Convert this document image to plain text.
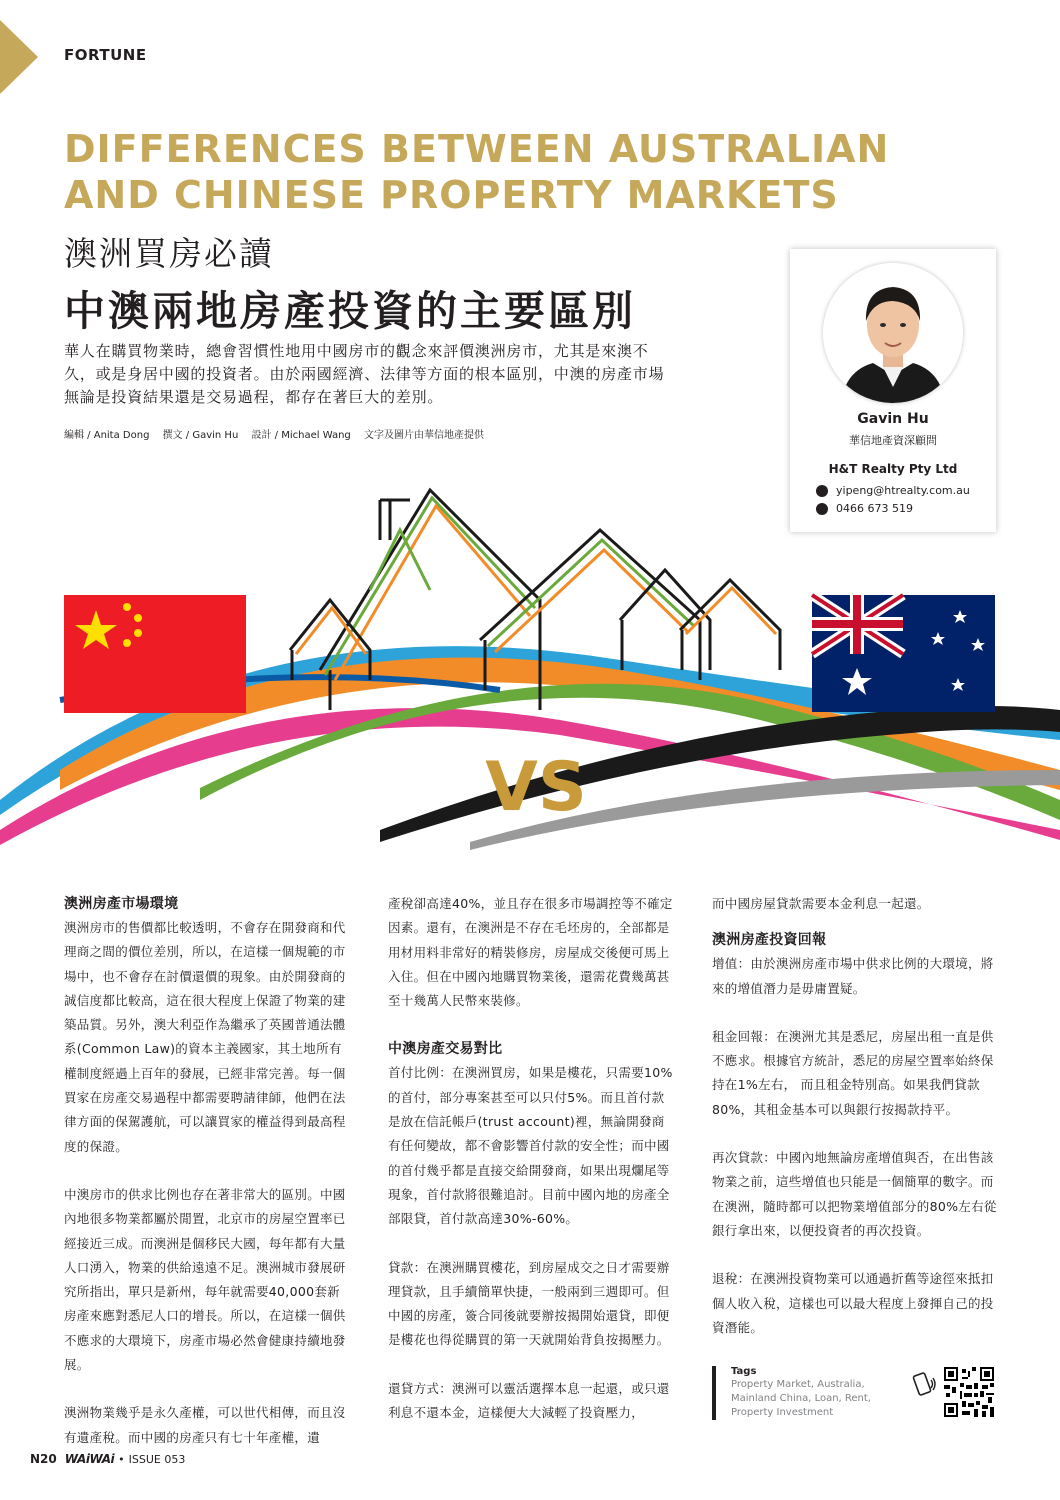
FORTUNE
DIFFERENCES BETWEEN AUSTRALIAN
AND CHINESE PROPERTY MARKETS
澳洲買房必讀
中澳兩地房產投資的主要區別
華人在購買物業時，總會習慣性地用中國房市的觀念來評價澳洲房市，尤其是來澳不久，或是身居中國的投資者。由於兩國經濟、法律等方面的根本區別，中澳的房產市場無論是投資結果還是交易過程，都存在著巨大的差別。
編輯 / Anita Dong 撰文 / Gavin Hu 設計 / Michael Wang 文字及圖片由華信地產提供
Gavin Hu
華信地產資深顧問
H&T Realty Pty Ltd
yipeng@htrealty.com.au
0466 673 519
VS
澳洲房產市場環境

澳洲房市的售價都比較透明，不會存在開發商和代理商之間的價位差別，所以，在這樣一個規範的市場中，也不會存在討價還價的現象。由於開發商的誠信度都比較高，這在很大程度上保證了物業的建築品質。另外，澳大利亞作為繼承了英國普通法體系(Common Law)的資本主義國家，其土地所有權制度經過上百年的發展，已經非常完善。每一個買家在房產交易過程中都需要聘請律師，他們在法律方面的保駕護航，可以讓買家的權益得到最高程度的保證。

中澳房市的供求比例也存在著非常大的區別。中國內地很多物業都屬於閒置，北京市的房屋空置率已經接近三成。而澳洲是個移民大國，每年都有大量人口湧入，物業的供給遠遠不足。澳洲城市發展研究所指出，單只是新州，每年就需要40,000套新房產來應對悉尼人口的增長。所以，在這樣一個供不應求的大環境下，房產市場必然會健康持續地發展。

澳洲物業幾乎是永久產權，可以世代相傳，而且沒有遺產稅。而中國的房產只有七十年產權，遺

產稅卻高達40%，並且存在很多市場調控等不確定因素。還有，在澳洲是不存在毛坯房的，全部都是用材用料非常好的精裝修房，房屋成交後便可馬上入住。但在中國內地購買物業後，還需花費幾萬甚至十幾萬人民幣來裝修。

中澳房產交易對比

首付比例：在澳洲買房，如果是樓花，只需要10%的首付，部分專案甚至可以只付5%。而且首付款是放在信託帳戶(trust account)裡，無論開發商有任何變故，都不會影響首付款的安全性；而中國的首付幾乎都是直接交給開發商，如果出現爛尾等現象，首付款將很難追討。目前中國內地的房產全部限貸，首付款高達30%-60%。

貸款：在澳洲購買樓花，到房屋成交之日才需要辦理貸款，且手續簡單快捷，一般兩到三週即可。但中國的房產，簽合同後就要辦按揭開始還貸，即便是樓花也得從購買的第一天就開始背負按揭壓力。

還貸方式：澳洲可以靈活選擇本息一起還，或只還利息不還本金，這樣便大大減輕了投資壓力，

而中國房屋貸款需要本金利息一起還。

澳洲房產投資回報

增值：由於澳洲房產市場中供求比例的大環境，將來的增值潛力是毋庸置疑。

租金回報：在澳洲尤其是悉尼，房屋出租一直是供不應求。根據官方統計，悉尼的房屋空置率始終保持在1%左右， 而且租金特別高。如果我們貸款80%，其租金基本可以與銀行按揭款持平。

再次貸款：中國內地無論房產增值與否，在出售該物業之前，這些增值也只能是一個簡單的數字。而在澳洲，隨時都可以把物業增值部分的80%左右從銀行拿出來，以便投資者的再次投資。

退稅：在澳洲投資物業可以通過折舊等途徑來抵扣個人收入稅，這樣也可以最大程度上發揮自己的投資潛能。

Tags
Property Market, Australia, Mainland China, Loan, Rent, Property Investment
N20 WAiWAi • ISSUE 053
